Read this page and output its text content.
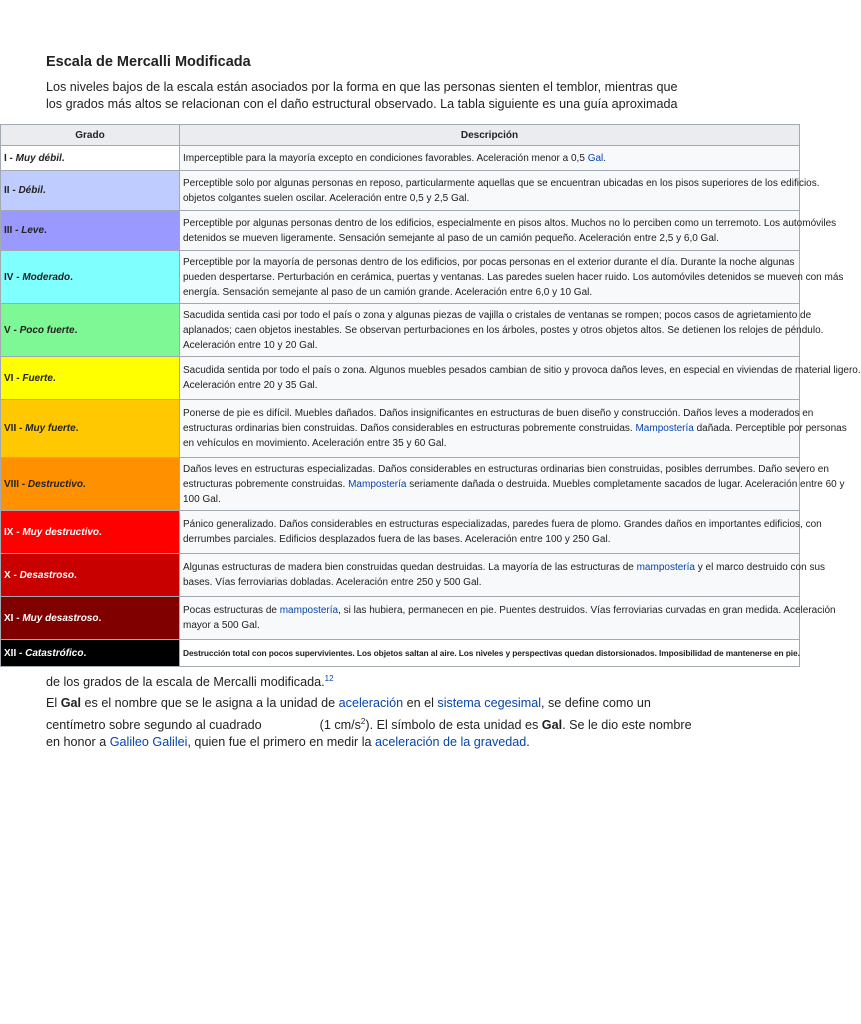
Escala de Mercalli Modificada

Los niveles bajos de la escala están asociados por la forma en que las personas sienten el temblor, mientras que

los grados más altos se relacionan con el daño estructural observado. La tabla siguiente es una guía aproximada

Grado	Descripción
I - Muy débil.	Imperceptible para la mayoría excepto en condiciones favorables. Aceleración menor a 0,5 Gal.

II - Débil.	Perceptible solo por algunas personas en reposo, particularmente aquellas que se encuentran ubicadas en los pisos superiores de los edificios.
objetos colgantes suelen oscilar. Aceleración entre 0,5 y 2,5 Gal.

III - Leve.	Perceptible por algunas personas dentro de los edificios, especialmente en pisos altos. Muchos no lo perciben como un terremoto. Los automóviles
detenidos se mueven ligeramente. Sensación semejante al paso de un camión pequeño. Aceleración entre 2,5 y 6,0 Gal.

IV - Moderado.	Perceptible por la mayoría de personas dentro de los edificios, por pocas personas en el exterior durante el día. Durante la noche algunas
pueden despertarse. Perturbación en cerámica, puertas y ventanas. Las paredes suelen hacer ruido. Los automóviles detenidos se mueven con más
energía. Sensación semejante al paso de un camión grande. Aceleración entre 6,0 y 10 Gal.

V - Poco fuerte.	Sacudida sentida casi por todo el país o zona y algunas piezas de vajilla o cristales de ventanas se rompen; pocos casos de agrietamiento de
aplanados; caen objetos inestables. Se observan perturbaciones en los árboles, postes y otros objetos altos. Se detienen los relojes de péndulo.
Aceleración entre 10 y 20 Gal.

VI - Fuerte.	Sacudida sentida por todo el país o zona. Algunos muebles pesados cambian de sitio y provoca daños leves, en especial en viviendas de material ligero.
Aceleración entre 20 y 35 Gal.

VII - Muy fuerte.	Ponerse de pie es difícil. Muebles dañados. Daños insignificantes en estructuras de buen diseño y construcción. Daños leves a moderados en
estructuras ordinarias bien construidas. Daños considerables en estructuras pobremente construidas. Mampostería dañada. Perceptible por personas
en vehículos en movimiento. Aceleración entre 35 y 60 Gal.

VIII - Destructivo.	Daños leves en estructuras especializadas. Daños considerables en estructuras ordinarias bien construidas, posibles derrumbes. Daño severo en
estructuras pobremente construidas. Mampostería seriamente dañada o destruida. Muebles completamente sacados de lugar. Aceleración entre 60 y
100 Gal.

IX - Muy destructivo.	Pánico generalizado. Daños considerables en estructuras especializadas, paredes fuera de plomo. Grandes daños en importantes edificios, con
derrumbes parciales. Edificios desplazados fuera de las bases. Aceleración entre 100 y 250 Gal.

X - Desastroso.	Algunas estructuras de madera bien construidas quedan destruidas. La mayoría de las estructuras de mampostería y el marco destruido con sus
bases. Vías ferroviarias dobladas. Aceleración entre 250 y 500 Gal.

XI - Muy desastroso.	Pocas estructuras de mampostería, si las hubiera, permanecen en pie. Puentes destruidos. Vías ferroviarias curvadas en gran medida. Aceleración
mayor a 500 Gal.

XII - Catastrófico.	Destrucción total con pocos supervivientes. Los objetos saltan al aire. Los niveles y perspectivas quedan distorsionados. Imposibilidad de mantenerse en pie.
de los grados de la escala de Mercalli modificada.$^{12}$

El Gal es el nombre que se le asigna a la unidad de aceleración en el sistema cegesimal, se define como un

centímetro sobre segundo al cuadrado	(1 $cm/s^2$). El símbolo de esta unidad es Gal. Se le dio este nombre

en honor a Galileo Galilei, quien fue el primero en medir la aceleración de la gravedad.
